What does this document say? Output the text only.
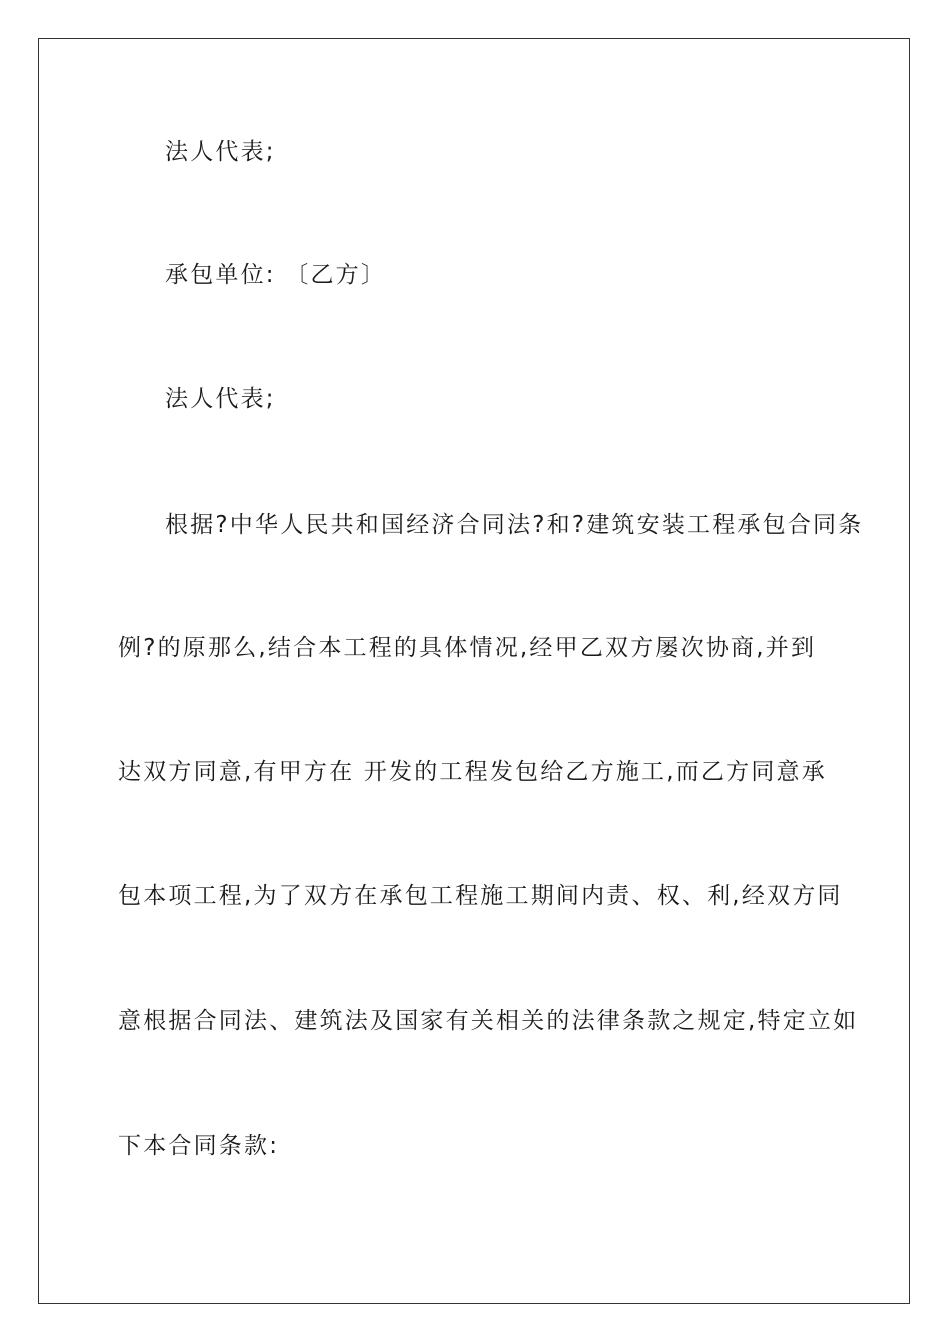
法人代表;
承包单位: 〔乙方〕
法人代表;
根据?中华人民共和国经济合同法?和?建筑安装工程承包合同条
例?的原那么,结合本工程的具体情况,经甲乙双方屡次协商,并到
达双方同意,有甲方在 开发的工程发包给乙方施工,而乙方同意承
包本项工程,为了双方在承包工程施工期间内责、权、利,经双方同
意根据合同法、建筑法及国家有关相关的法律条款之规定,特定立如
下本合同条款:
